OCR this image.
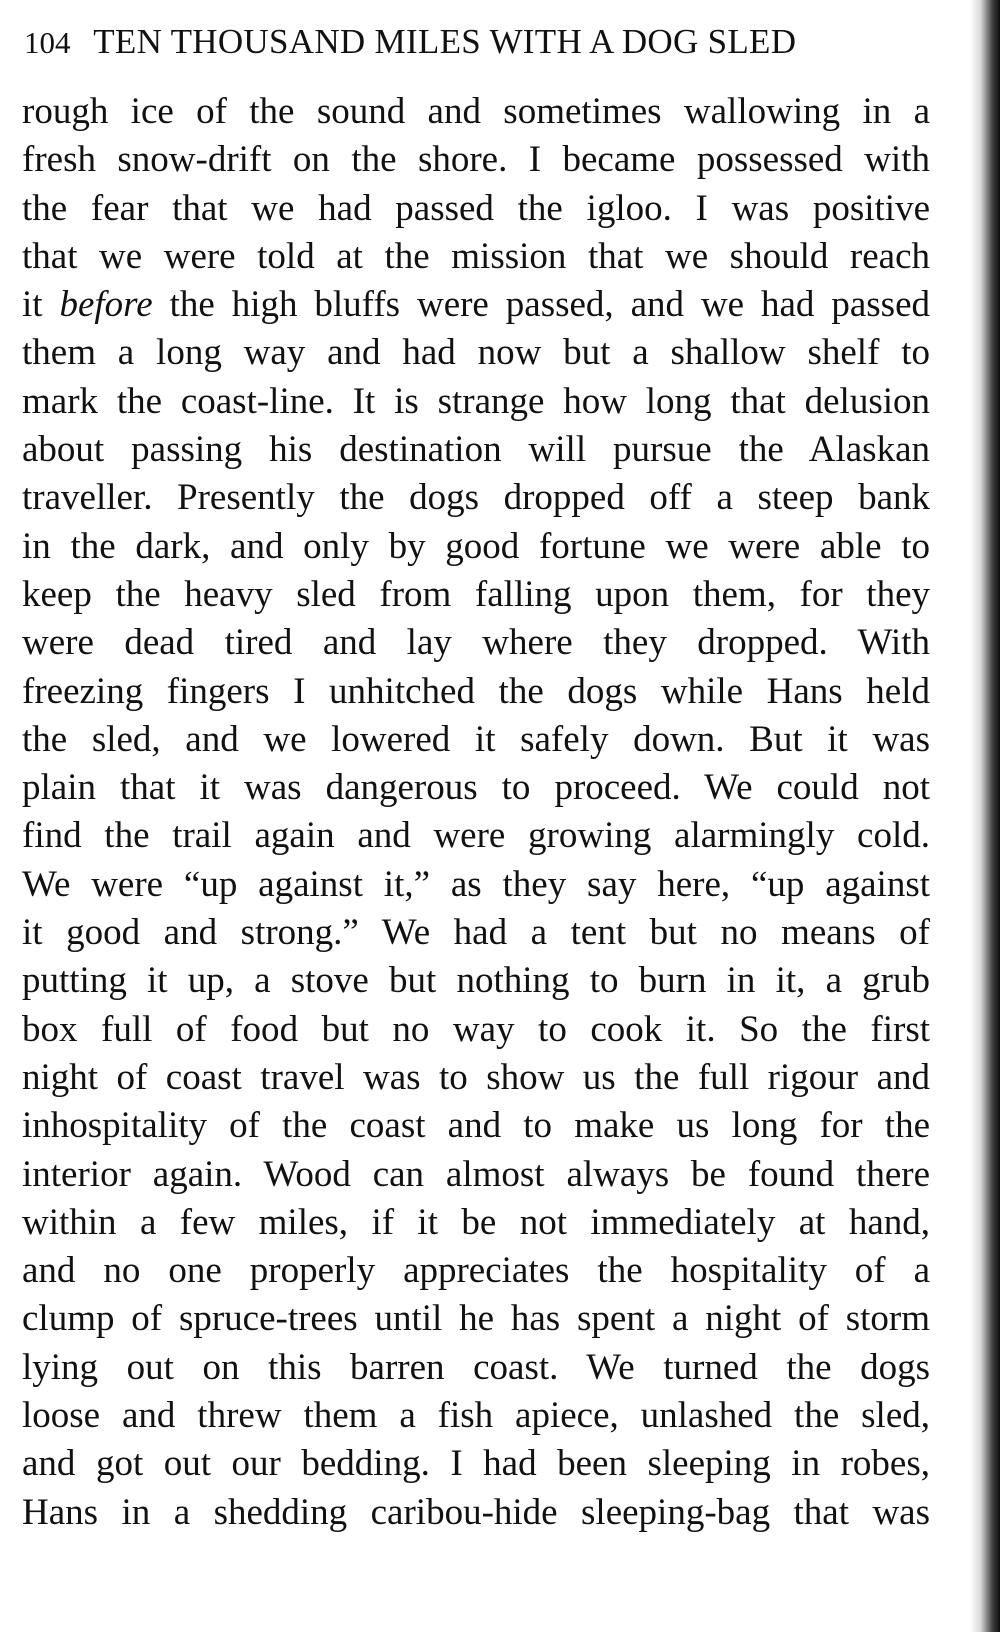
104 TEN THOUSAND MILES WITH A DOG SLED
rough ice of the sound and sometimes wallowing in a
fresh snow-drift on the shore. I became possessed with
the fear that we had passed the igloo. I was positive
that we were told at the mission that we should reach
it before the high bluffs were passed, and we had passed
them a long way and had now but a shallow shelf to
mark the coast-line. It is strange how long that delusion
about passing his destination will pursue the Alaskan
traveller. Presently the dogs dropped off a steep bank
in the dark, and only by good fortune we were able to
keep the heavy sled from falling upon them, for they
were dead tired and lay where they dropped. With
freezing fingers I unhitched the dogs while Hans held
the sled, and we lowered it safely down. But it was
plain that it was dangerous to proceed. We could not
find the trail again and were growing alarmingly cold.
We were “up against it,” as they say here, “up against
it good and strong.” We had a tent but no means of
putting it up, a stove but nothing to burn in it, a grub
box full of food but no way to cook it. So the first
night of coast travel was to show us the full rigour and
inhospitality of the coast and to make us long for the
interior again. Wood can almost always be found there
within a few miles, if it be not immediately at hand,
and no one properly appreciates the hospitality of a
clump of spruce-trees until he has spent a night of storm
lying out on this barren coast. We turned the dogs
loose and threw them a fish apiece, unlashed the sled,
and got out our bedding. I had been sleeping in robes,
Hans in a shedding caribou-hide sleeping-bag that was
